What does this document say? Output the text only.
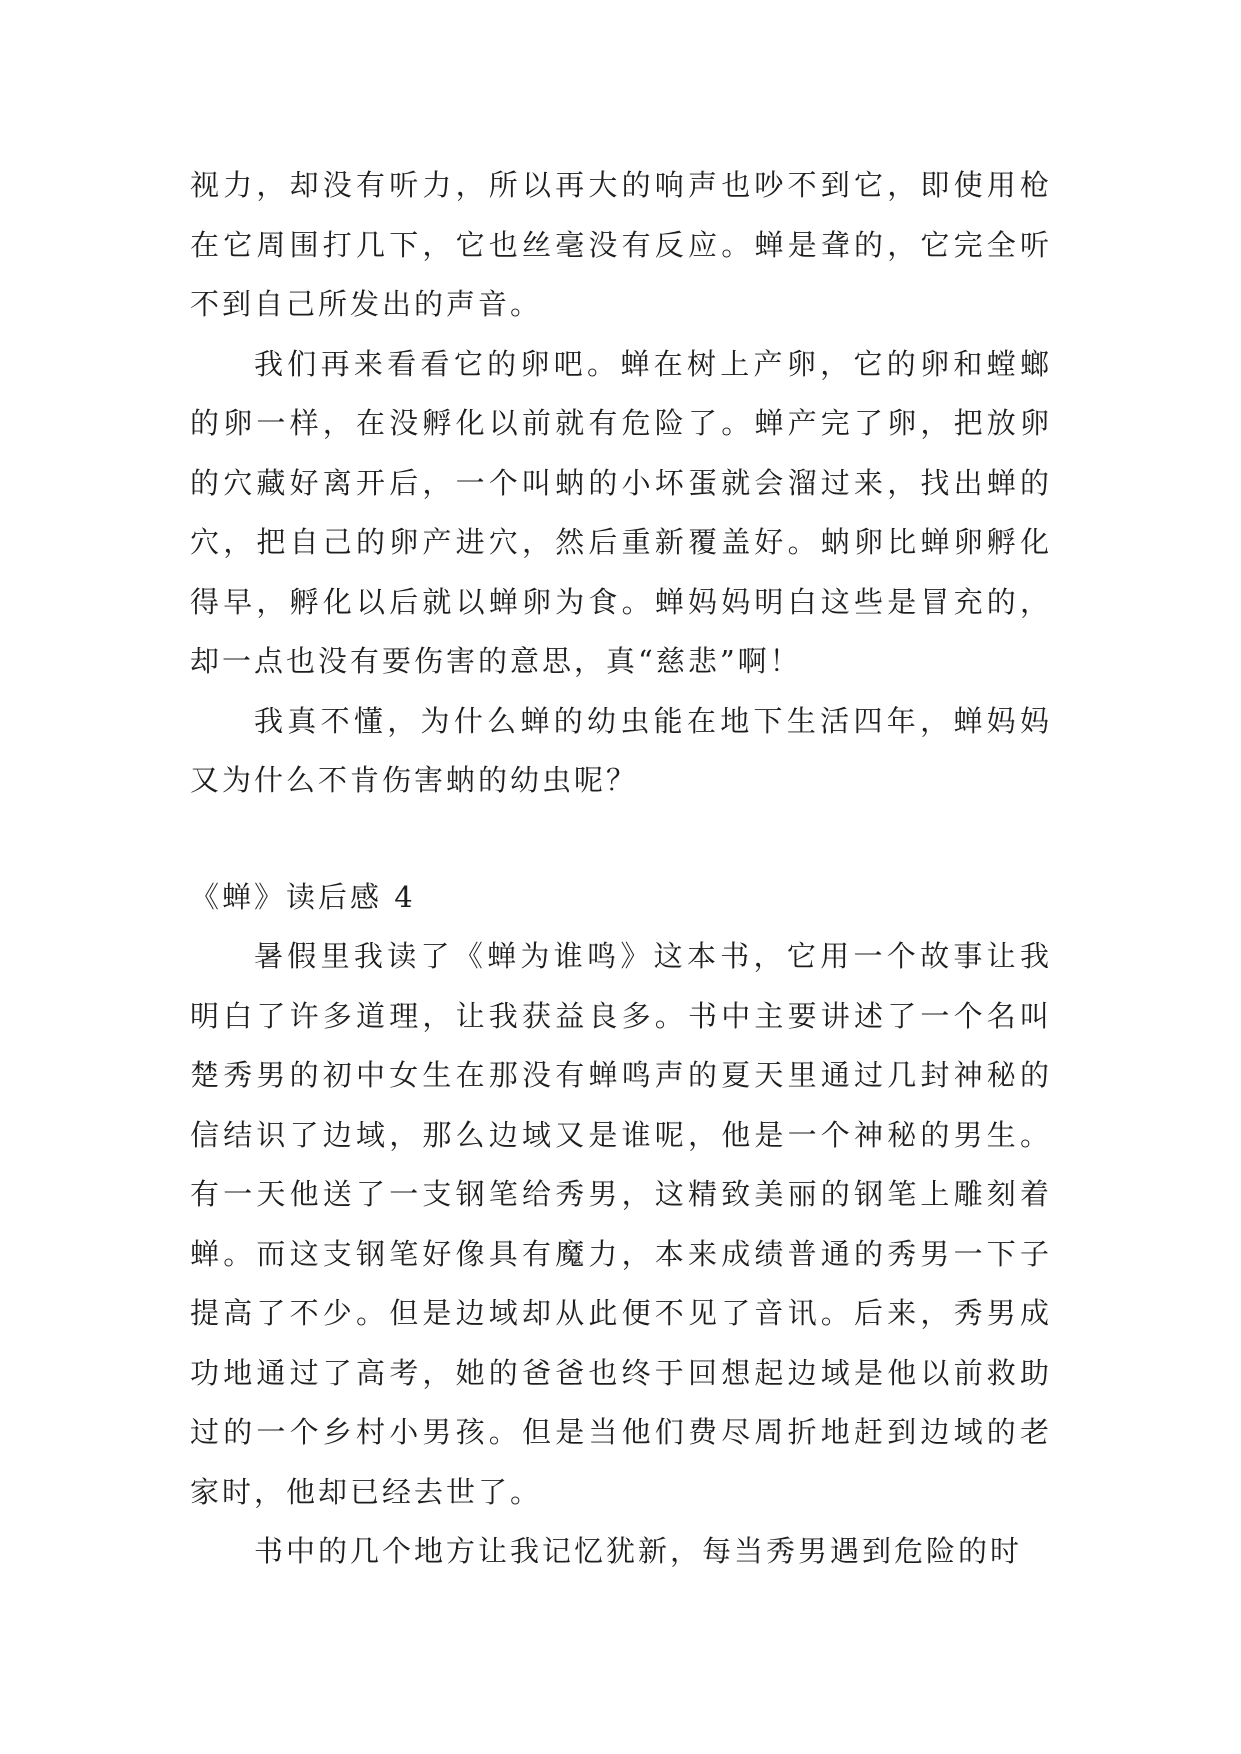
视力，却没有听力，所以再大的响声也吵不到它，即使用枪在它周围打几下，它也丝毫没有反应。蝉是聋的，它完全听不到自己所发出的声音。

我们再来看看它的卵吧。蝉在树上产卵，它的卵和螳螂的卵一样，在没孵化以前就有危险了。蝉产完了卵，把放卵的穴藏好离开后，一个叫蚋的小坏蛋就会溜过来，找出蝉的穴，把自己的卵产进穴，然后重新覆盖好。蚋卵比蝉卵孵化得早，孵化以后就以蝉卵为食。蝉妈妈明白这些是冒充的，却一点也没有要伤害的意思，真“慈悲”啊！

我真不懂，为什么蝉的幼虫能在地下生活四年，蝉妈妈又为什么不肯伤害蚋的幼虫呢？

《蝉》读后感 4

暑假里我读了《蝉为谁鸣》这本书，它用一个故事让我明白了许多道理，让我获益良多。书中主要讲述了一个名叫楚秀男的初中女生在那没有蝉鸣声的夏天里通过几封神秘的信结识了边域，那么边域又是谁呢，他是一个神秘的男生。有一天他送了一支钢笔给秀男，这精致美丽的钢笔上雕刻着蝉。而这支钢笔好像具有魔力，本来成绩普通的秀男一下子提高了不少。但是边域却从此便不见了音讯。后来，秀男成功地通过了高考，她的爸爸也终于回想起边域是他以前救助过的一个乡村小男孩。但是当他们费尽周折地赶到边域的老家时，他却已经去世了。

书中的几个地方让我记忆犹新，每当秀男遇到危险的时
